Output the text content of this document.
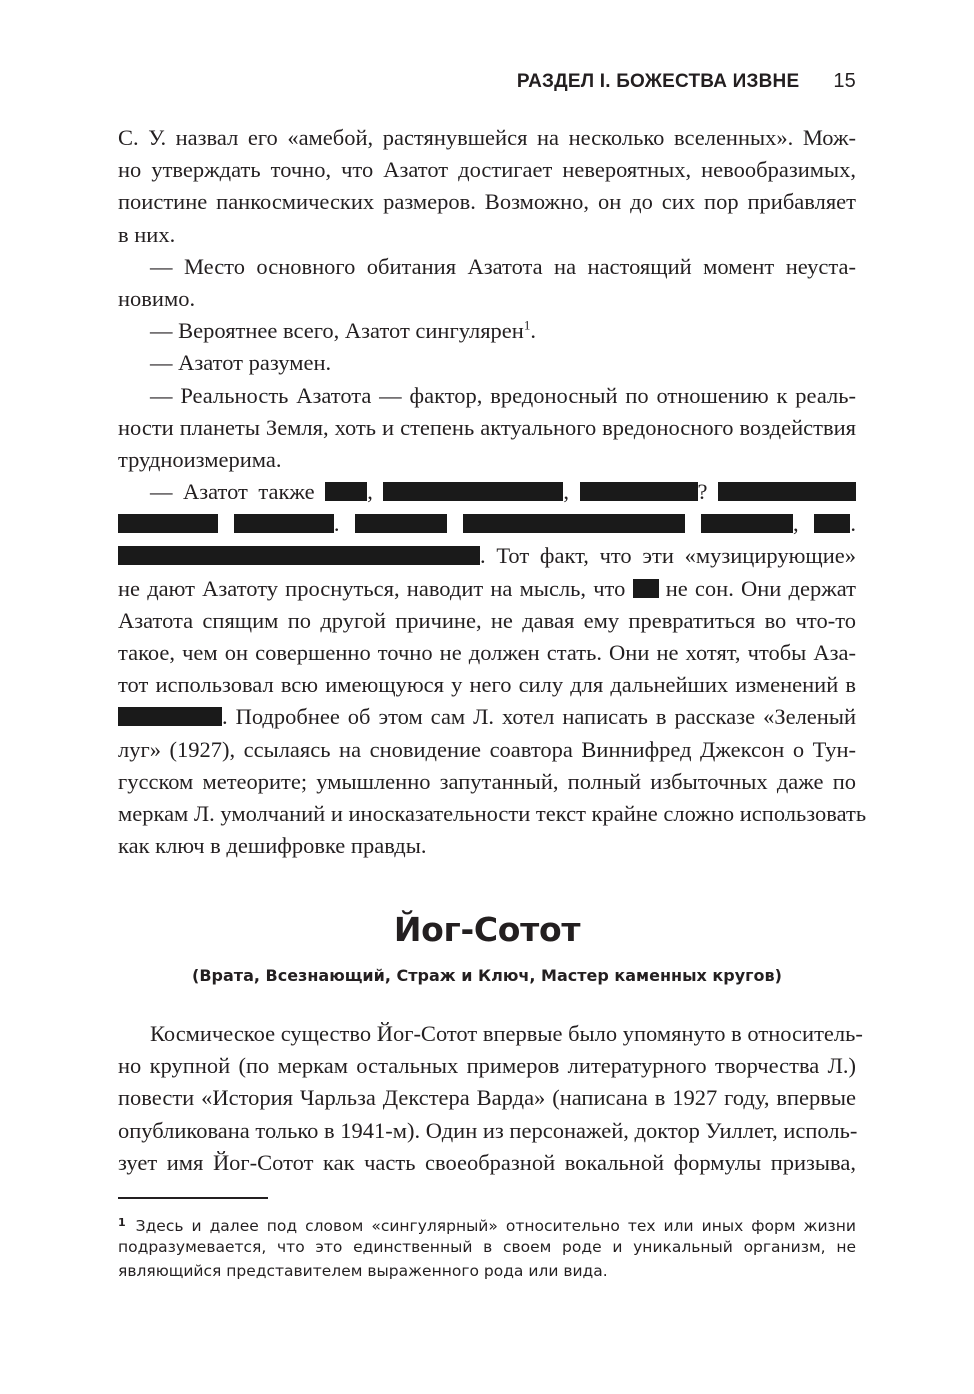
РАЗДЕЛ I. БОЖЕСТВА ИЗВНЕ 15
С. У. назвал его «амебой, растянувшейся на несколько вселенных». Мож-
но утверждать точно, что Азатот достигает невероятных, невообразимых,
поистине панкосмических размеров. Возможно, он до сих пор прибавляет
в них.
— Место основного обитания Азатота на настоящий момент неуста-
новимо.
— Вероятнее всего, Азатот сингулярен$^1$.
— Азатот разумен.
— Реальность Азатота — фактор, вредоносный по отношению к реаль-
ности планеты Земля, хоть и степень актуального вредоносного воздействия
трудноизмерима.
— Азатот также ,	,	?
.	, .
. Тот факт, что эти «музицирующие»
не дают Азатоту проснуться, наводит на мысль, что не сон. Они держат
Азатота спящим по другой причине, не давая ему превратиться во что-то
такое, чем он совершенно точно не должен стать. Они не хотят, чтобы Аза-
тот использовал всю имеющуюся у него силу для дальнейших изменений в
. Подробнее об этом сам Л. хотел написать в рассказе «Зеленый
луг» (1927), ссылаясь на сновидение соавтора Виннифред Джексон о Тун-
гусском метеорите; умышленно запутанный, полный избыточных даже по
меркам Л. умолчаний и иносказательности текст крайне сложно использовать
как ключ в дешифровке правды.
Йог-Сотот
(Врата, Всезнающий, Страж и Ключ, Мастер каменных кругов)
Космическое существо Йог-Сотот впервые было упомянуто в относитель-
но крупной (по меркам остальных примеров литературного творчества Л.)
повести «История Чарльза Декстера Варда» (написана в 1927 году, впервые
опубликована только в 1941-м). Один из персонажей, доктор Уиллет, исполь-
зует имя Йог-Сотот как часть своеобразной вокальной формулы призыва,
$^1$ Здесь и далее под словом «сингулярный» относительно тех или иных форм жизни
подразумевается, что это единственный в своем роде и уникальный организм, не
являющийся представителем выраженного рода или вида.
